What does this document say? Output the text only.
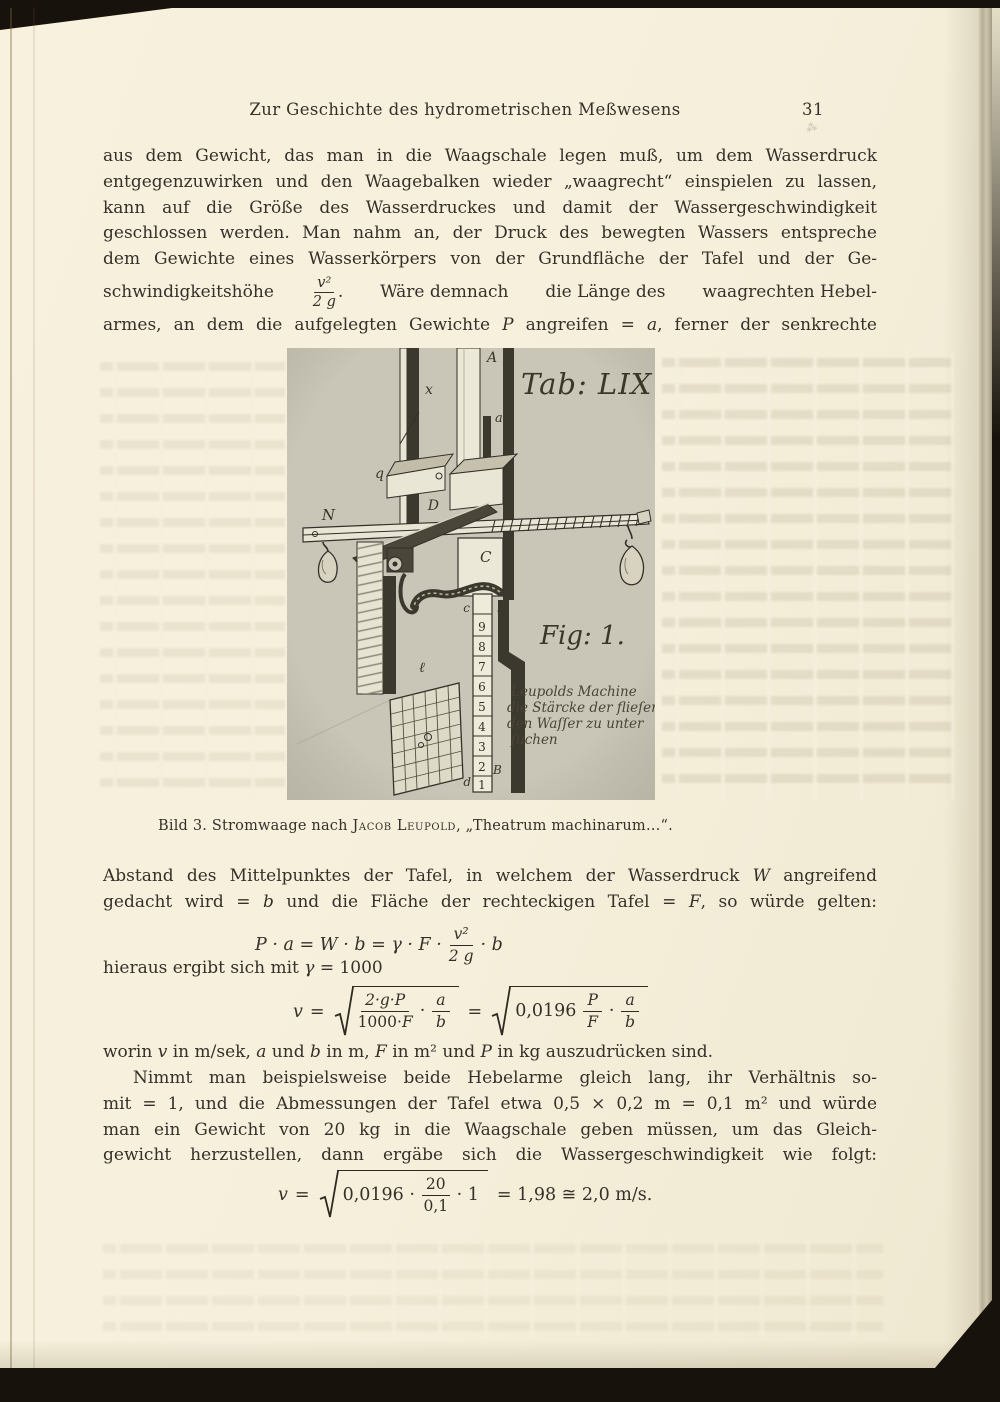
Zur Geschichte des hydrometrischen Meßwesens	31
⁂
aus dem Gewicht, das man in die Waagschale legen muß, um dem Wasserdruck
entgegenzuwirken und den Waagebalken wieder „waagrecht“ einspielen zu lassen,
kann auf die Größe des Wasserdruckes und damit der Wassergeschwindigkeit
geschlossen werden. Man nahm an, der Druck des bewegten Wassers entspreche
dem Gewichte eines Wasserkörpers von der Grundfläche der Tafel und der Ge-
schwindigkeitshöhe	$\frac{\text{v²}}{2 g}$ . Wäre demnach die Länge des waagrechten Hebel-
armes, an dem die aufgelegten Gewichte P angreifen = a, ferner der senkrechte
9
8
7
6
5
4
3
2
1
Tab: LIX
Fig: 1.
A
x
a
q
N	D
C
c b
ℓ
d
B
Leupolds Machine die Stärcke der flieſen den Waſſer zu unter ſuchen
Bild 3. Stromwaage nach Jacob Leupold, „Theatrum machinarum…“.
Abstand des Mittelpunktes der Tafel, in welchem der Wasserdruck W angreifend
gedacht wird = b und die Fläche der rechteckigen Tafel = F, so würde gelten:
$P \cdot a = W \cdot b = \gamma \cdot F \cdot \frac{\text{v²}}{2 g} \cdot b$
hieraus ergibt sich mit γ = 1000
$v = \frac{2\cdot g\cdot P}{1000\cdot F} \cdot \frac{a}{b} = 0,0196 \frac{P}{F} \cdot \frac{a}{b}$
worin v in m/sek, a und b in m, F in m² und P in kg auszudrücken sind.
Nimmt man beispielsweise beide Hebelarme gleich lang, ihr Verhältnis so-
mit = 1, und die Abmessungen der Tafel etwa 0,5 × 0,2 m = 0,1 m² und würde
man ein Gewicht von 20 kg in die Waagschale geben müssen, um das Gleich-
gewicht herzustellen, dann ergäbe sich die Wassergeschwindigkeit wie folgt:
$v = 0,0196 \cdot \frac{20}{0,1} \cdot 1 = 1,98$ ≅ 2,0 m/s.
